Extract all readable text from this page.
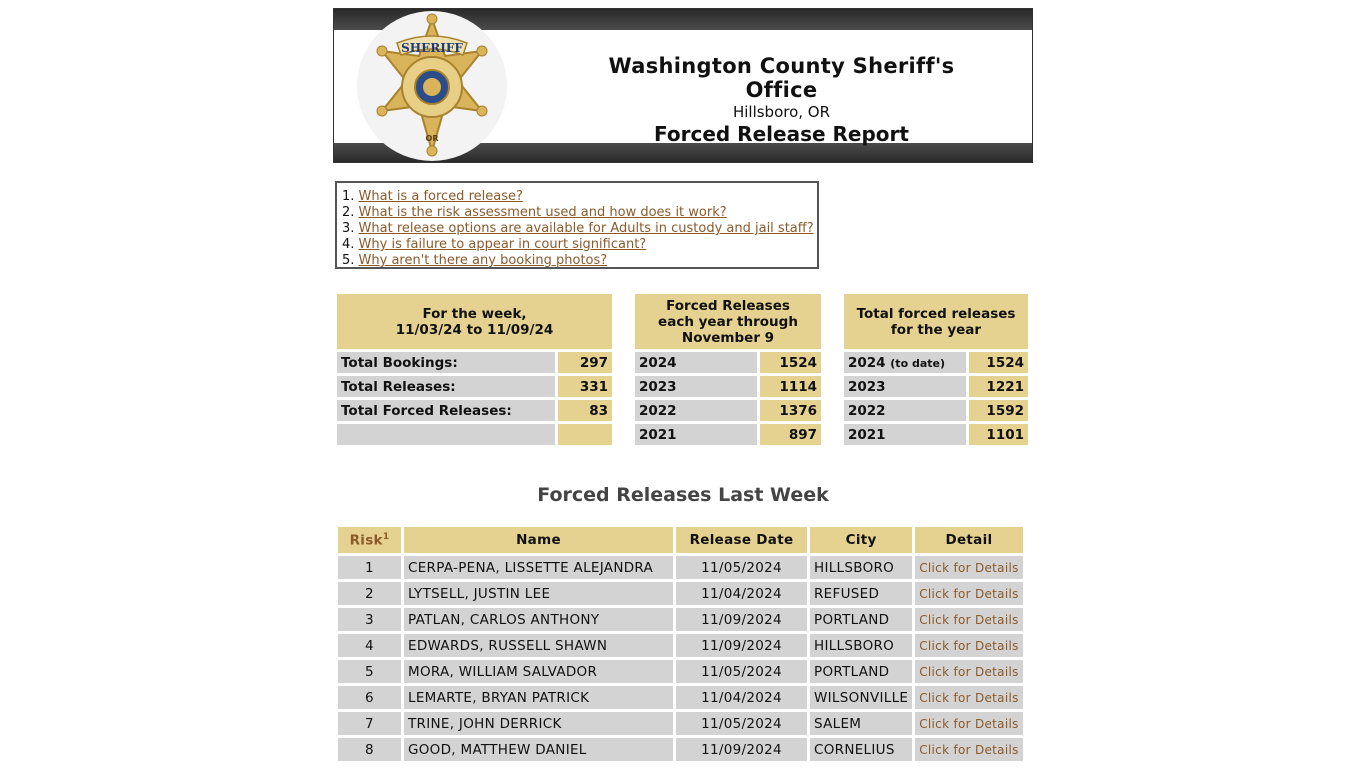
SHERIFF
OR
Washington County Sheriff's Office
Hillsboro, OR
Forced Release Report
1. What is a forced release?
2. What is the risk assessment used and how does it work?
3. What release options are available for Adults in custody and jail staff?
4. Why is failure to appear in court significant?
5. Why aren't there any booking photos?
For the week,
11/03/24 to 11/09/24	
Total Bookings:	297
Total Releases:	331
Total Forced Releases:	83

Forced Releases
each year through
November 9	
2024	1524
2023	1114
2022	1376
2021	897
Total forced releases
for the year	
2024 (to date)	1524
2023	1221
2022	1592
2021	1101
Forced Releases Last Week
Risk$^1$	Name	Release Date	City	Detail
1	CERPA-PENA, LISSETTE ALEJANDRA	11/05/2024	HILLSBORO	Click for Details
2	LYTSELL, JUSTIN LEE	11/04/2024	REFUSED	Click for Details
3	PATLAN, CARLOS ANTHONY	11/09/2024	PORTLAND	Click for Details
4	EDWARDS, RUSSELL SHAWN	11/09/2024	HILLSBORO	Click for Details
5	MORA, WILLIAM SALVADOR	11/05/2024	PORTLAND	Click for Details
6	LEMARTE, BRYAN PATRICK	11/04/2024	WILSONVILLE	Click for Details
7	TRINE, JOHN DERRICK	11/05/2024	SALEM	Click for Details
8	GOOD, MATTHEW DANIEL	11/09/2024	CORNELIUS	Click for Details
